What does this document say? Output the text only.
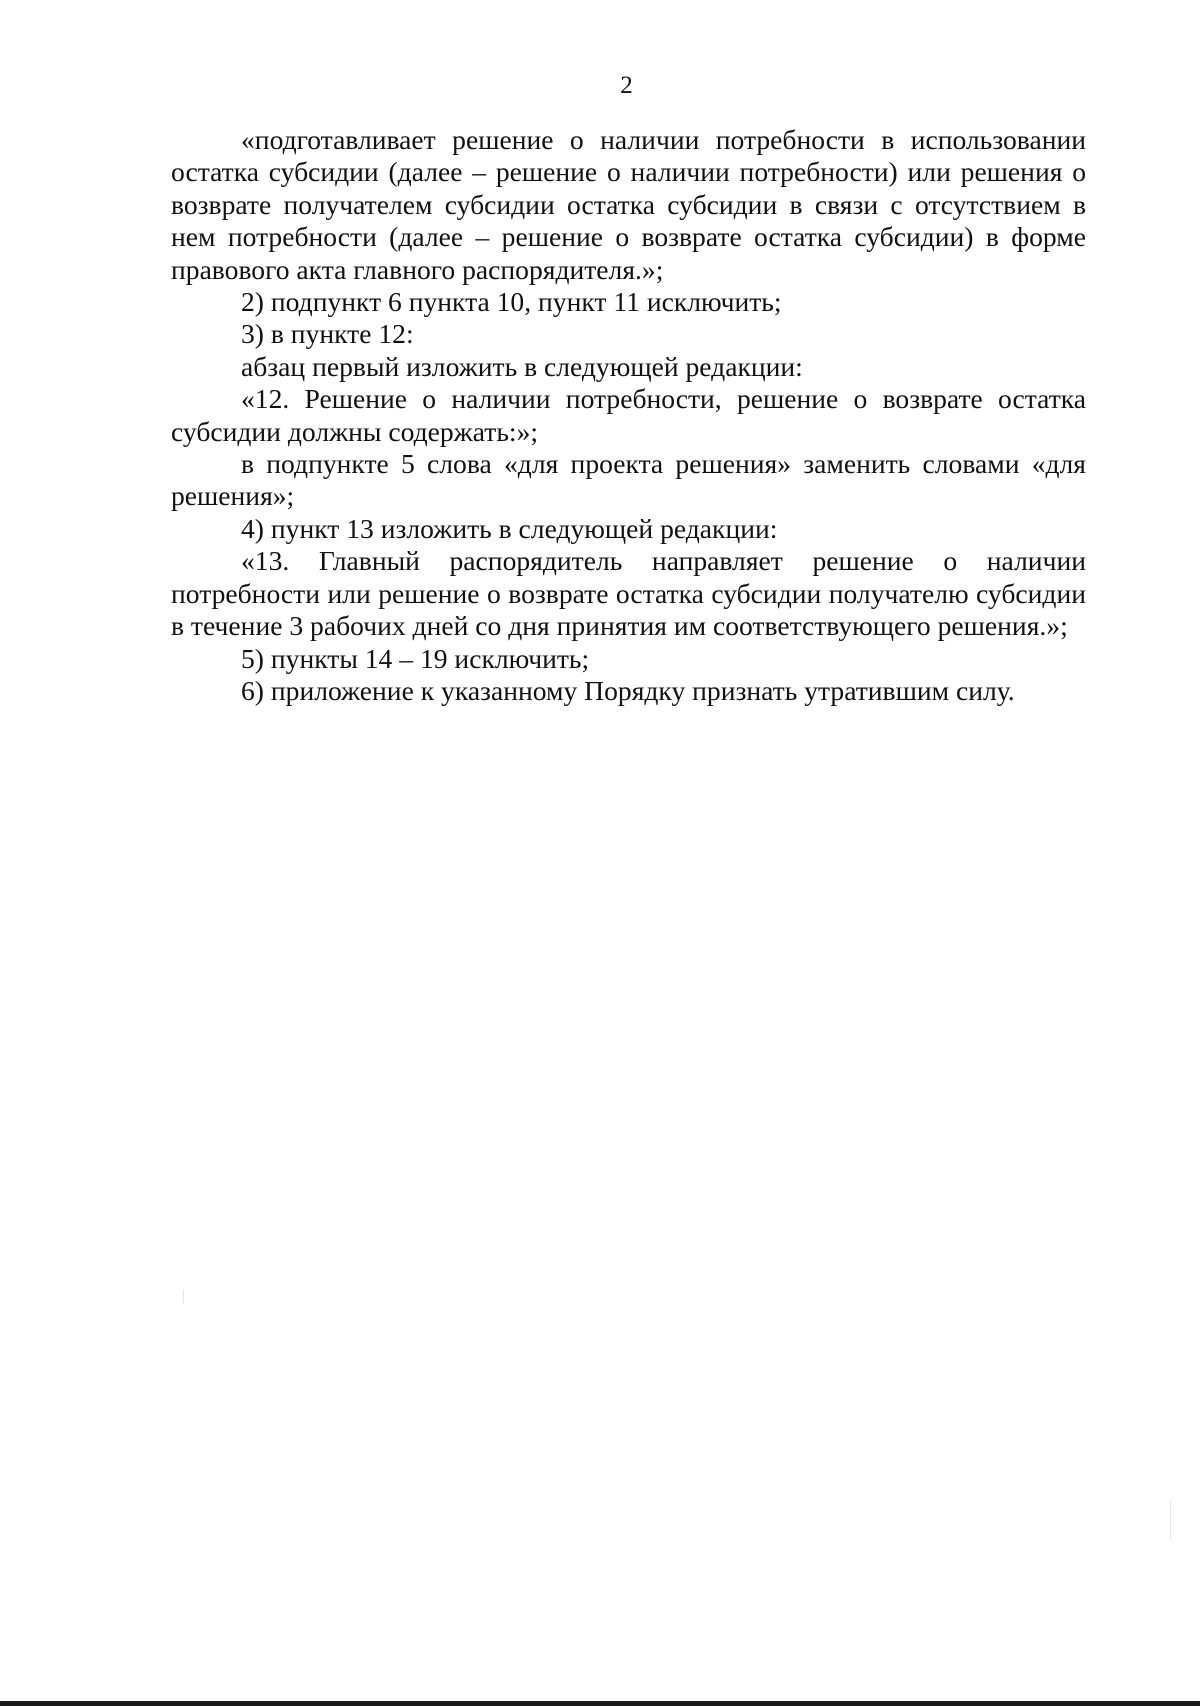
2

«подготавливает решение о наличии потребности в использовании остатка субсидии (далее – решение о наличии потребности) или решения о возврате получателем субсидии остатка субсидии в связи с отсутствием в нем потребности (далее – решение о возврате остатка субсидии) в форме правового акта главного распорядителя.»;

2) подпункт 6 пункта 10, пункт 11 исключить;

3) в пункте 12:

абзац первый изложить в следующей редакции:

«12. Решение о наличии потребности, решение о возврате остатка субсидии должны содержать:»;

в подпункте 5 слова «для проекта решения» заменить словами «для решения»;

4) пункт 13 изложить в следующей редакции:

«13. Главный распорядитель направляет решение о наличии потребности или решение о возврате остатка субсидии получателю субсидии в течение 3 рабочих дней со дня принятия им соответствующего решения.»;

5) пункты 14 – 19 исключить;

6) приложение к указанному Порядку признать утратившим силу.
